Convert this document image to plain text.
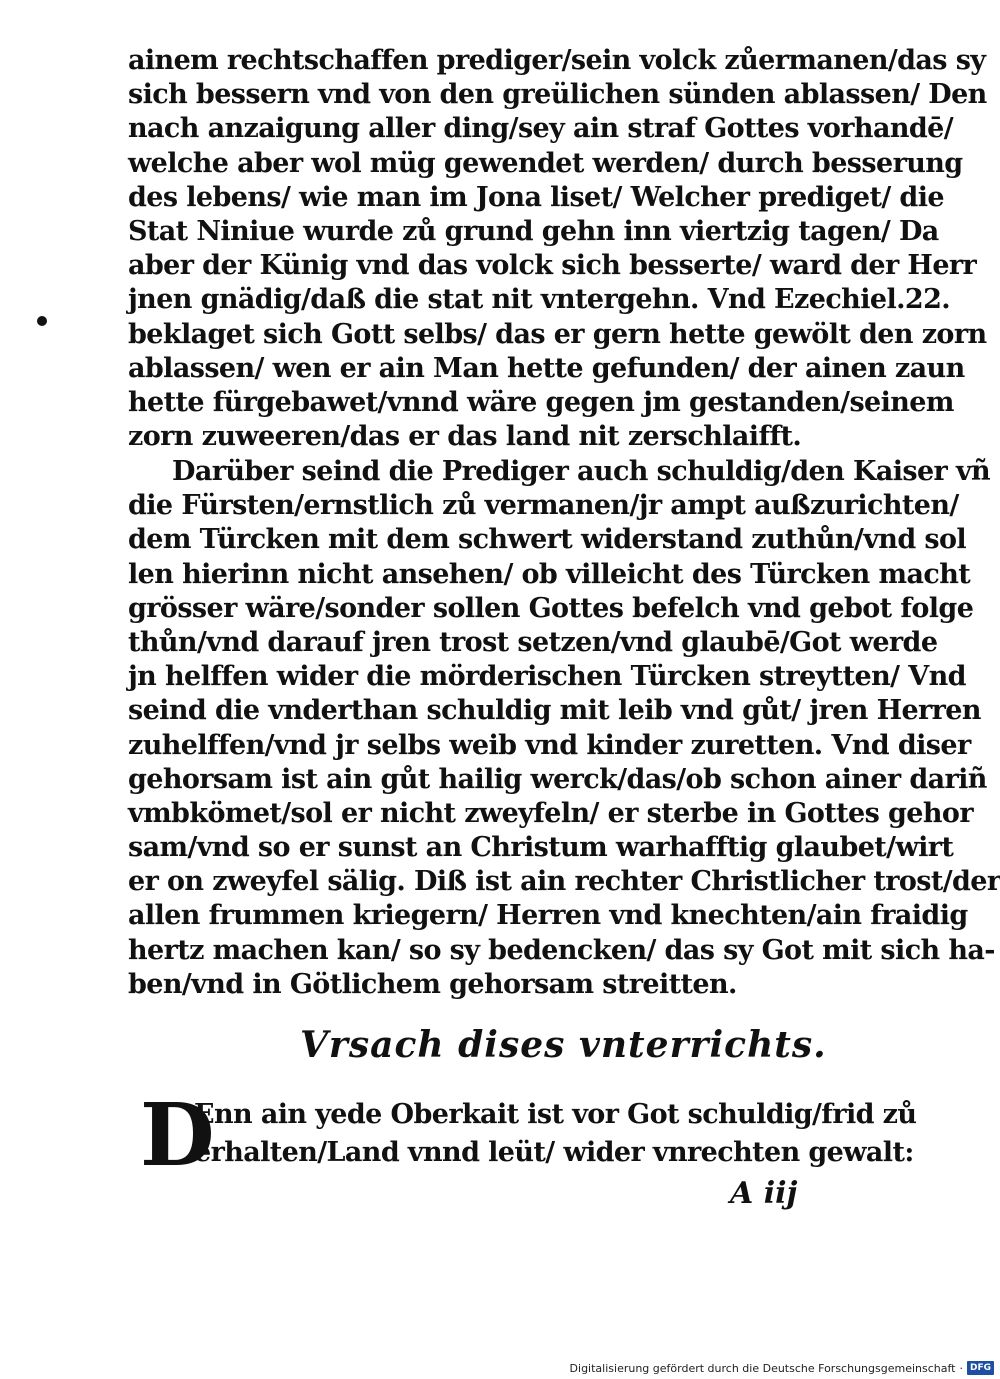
ainem rechtschaffen prediger/sein volck zůermanen/das sy
sich bessern vnd von den greülichen sünden ablassen/ Den
nach anzaigung aller ding/sey ain straf Gottes vorhandē/
welche aber wol müg gewendet werden/ durch besserung
des lebens/ wie man im Jona liset/ Welcher prediget/ die
Stat Niniue wurde zů grund gehn inn viertzig tagen/ Da
aber der Künig vnd das volck sich besserte/ ward der Herr
jnen gnädig/daß die stat nit vntergehn. Vnd Ezechiel.22.
beklaget sich Gott selbs/ das er gern hette gewölt den zorn
ablassen/ wen er ain Man hette gefunden/ der ainen zaun
hette fürgebawet/vnnd wäre gegen jm gestanden/seinem
zorn zuweeren/das er das land nit zerschlaifft.
Darüber seind die Prediger auch schuldig/den Kaiser vñ
die Fürsten/ernstlich zů vermanen/jr ampt außzurichten/
dem Türcken mit dem schwert widerstand zuthůn/vnd sol
len hierinn nicht ansehen/ ob villeicht des Türcken macht
grösser wäre/sonder sollen Gottes befelch vnd gebot folge
thůn/vnd darauf jren trost setzen/vnd glaubē/Got werde
jn helffen wider die mörderischen Türcken streytten/ Vnd
seind die vnderthan schuldig mit leib vnd gůt/ jren Herren
zuhelffen/vnd jr selbs weib vnd kinder zuretten. Vnd diser
gehorsam ist ain gůt hailig werck/das/ob schon ainer dariñ
vmbkömet/sol er nicht zweyfeln/ er sterbe in Gottes gehor
sam/vnd so er sunst an Christum warhafftig glaubet/wirt
er on zweyfel sälig. Diß ist ain rechter Christlicher trost/der
allen frummen kriegern/ Herren vnd knechten/ain fraidig
hertz machen kan/ so sy bedencken/ das sy Got mit sich ha-
ben/vnd in Götlichem gehorsam streitten.
Vrsach dises vnterrichts.
D
Enn ain yede Oberkait ist vor Got schuldig/frid zů
erhalten/Land vnnd leüt/ wider vnrechten gewalt:
A iij
Digitalisierung gefördert durch die Deutsche Forschungsgemeinschaft · DFG
